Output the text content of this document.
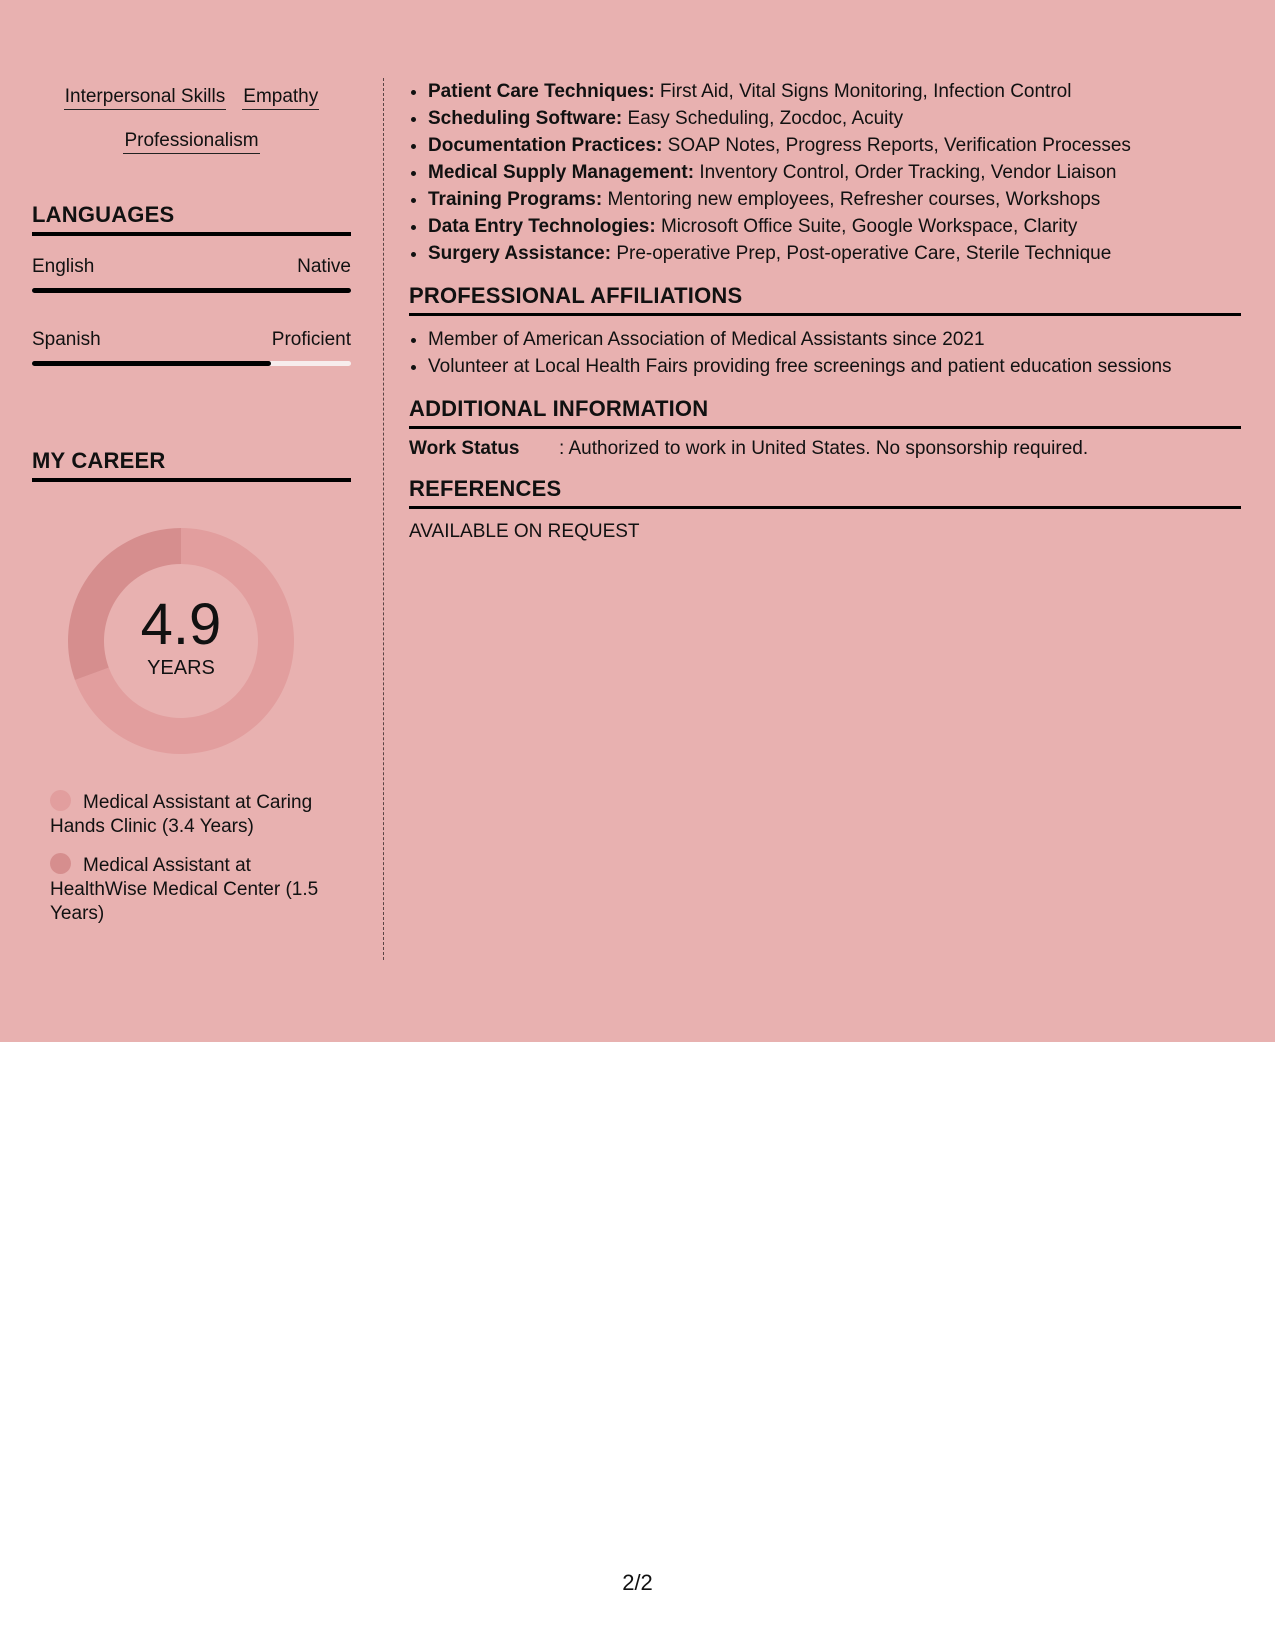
Interpersonal Skills Empathy
Professionalism
LANGUAGES
English	Native
Spanish	Proficient
MY CAREER
4.9
YEARS
Medical Assistant at Caring Hands Clinic (3.4 Years)
Medical Assistant at HealthWise Medical Center (1.5 Years)
• Patient Care Techniques: First Aid, Vital Signs Monitoring, Infection Control
• Scheduling Software: Easy Scheduling, Zocdoc, Acuity
• Documentation Practices: SOAP Notes, Progress Reports, Verification Processes
• Medical Supply Management: Inventory Control, Order Tracking, Vendor Liaison
• Training Programs: Mentoring new employees, Refresher courses, Workshops
• Data Entry Technologies: Microsoft Office Suite, Google Workspace, Clarity
• Surgery Assistance: Pre-operative Prep, Post-operative Care, Sterile Technique
PROFESSIONAL AFFILIATIONS
• Member of American Association of Medical Assistants since 2021
• Volunteer at Local Health Fairs providing free screenings and patient education sessions
ADDITIONAL INFORMATION
Work Status	: Authorized to work in United States. No sponsorship required.
REFERENCES
AVAILABLE ON REQUEST
2/2
